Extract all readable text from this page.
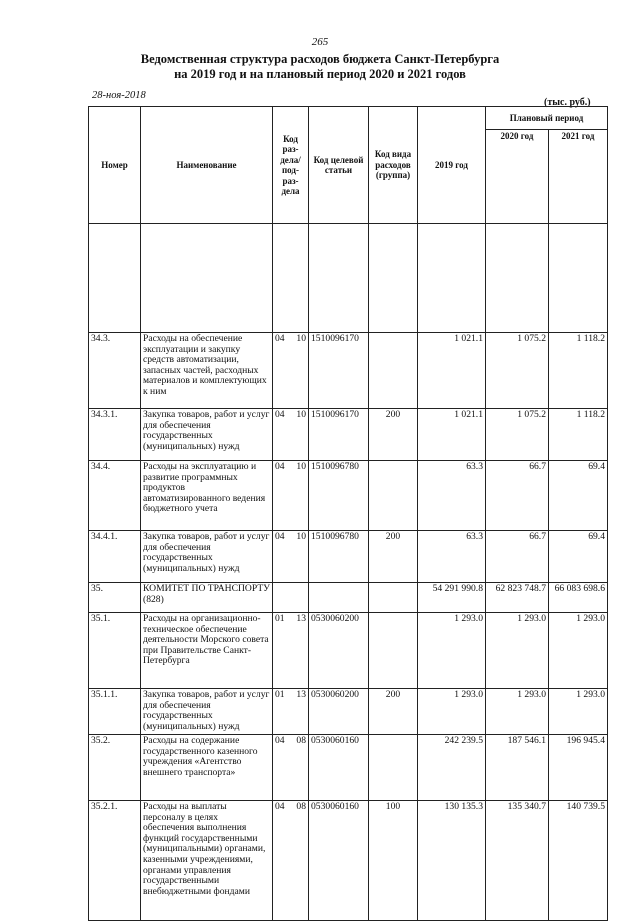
265
Ведомственная структура расходов бюджета Санкт-Петербурга
на 2019 год и на плановый период 2020 и 2021 годов
28-ноя-2018
(тыс. руб.)
Номер	Наименование	Код раз-дела/ под-раз-дела	Код целевой статьи	Код вида расходов (группа)	2019 год	Плановый период	
						2020 год	2021 год

34.3.	Расходы на обеспечение эксплуатации и закупку средств автоматизации, запасных частей, расходных материалов и комплектующих к ним	04 10	1510096170		1 021.1	1 075.2	1 118.2
34.3.1.	Закупка товаров, работ и услуг для обеспечения государственных (муниципальных) нужд	04 10	1510096170	200	1 021.1	1 075.2	1 118.2
34.4.	Расходы на эксплуатацию и развитие программных продуктов автоматизированного ведения бюджетного учета	04 10	1510096780		63.3	66.7	69.4
34.4.1.	Закупка товаров, работ и услуг для обеспечения государственных (муниципальных) нужд	04 10	1510096780	200	63.3	66.7	69.4
35.	КОМИТЕТ ПО ТРАНСПОРТУ (828)				54 291 990.8	62 823 748.7	66 083 698.6
35.1.	Расходы на организационно-техническое обеспечение деятельности Морского совета при Правительстве Санкт-Петербурга	01 13	0530060200		1 293.0	1 293.0	1 293.0
35.1.1.	Закупка товаров, работ и услуг для обеспечения государственных (муниципальных) нужд	01 13	0530060200	200	1 293.0	1 293.0	1 293.0
35.2.	Расходы на содержание государственного казенного учреждения «Агентство внешнего транспорта»	04 08	0530060160		242 239.5	187 546.1	196 945.4
35.2.1.	Расходы на выплаты персоналу в целях обеспечения выполнения функций государственными (муниципальными) органами, казенными учреждениями, органами управления государственными внебюджетными фондами	04 08	0530060160	100	130 135.3	135 340.7	140 739.5
